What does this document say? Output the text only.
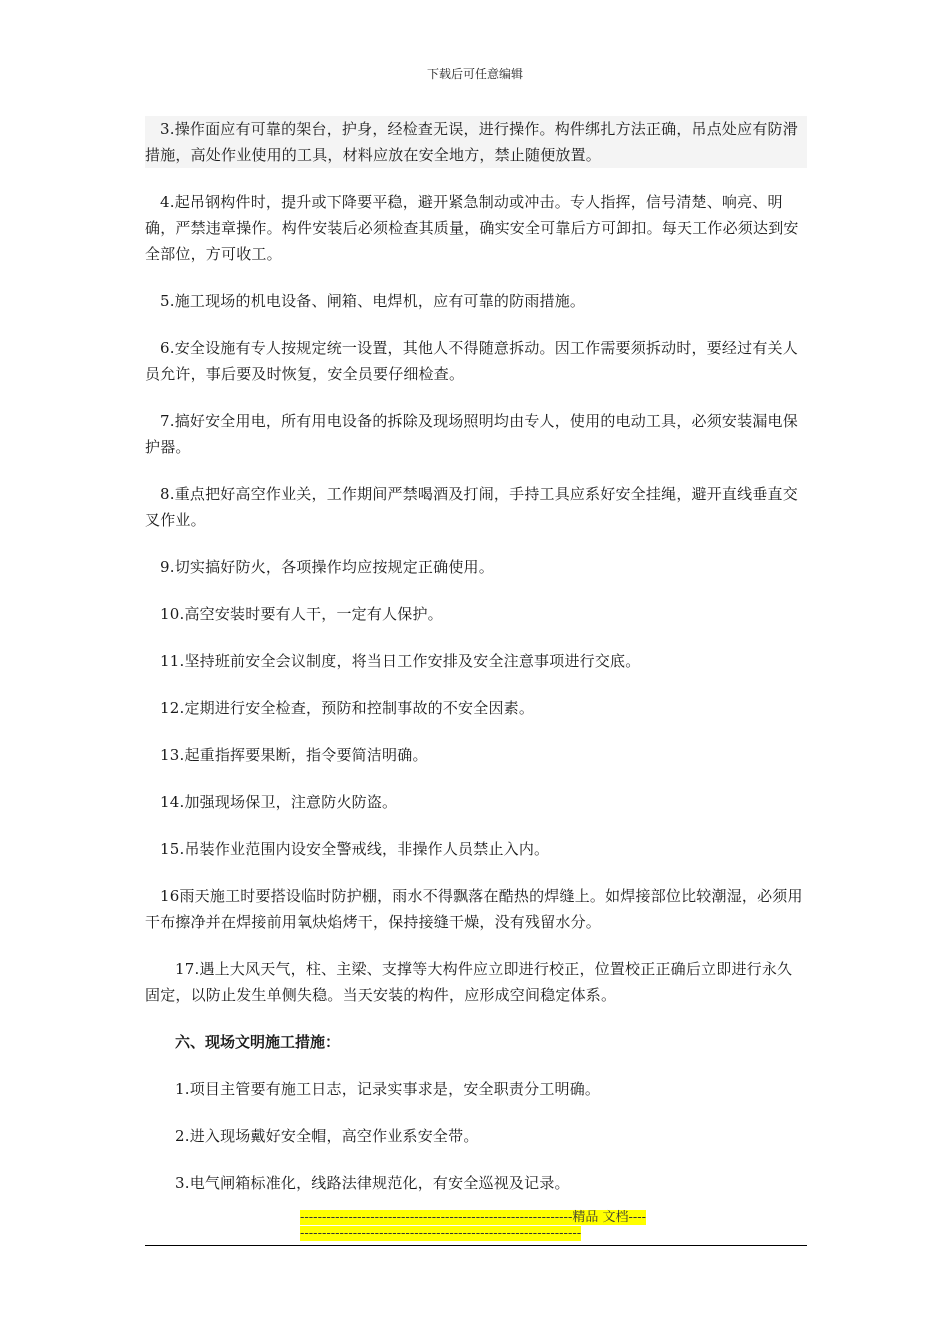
下载后可任意编辑

3.操作面应有可靠的架台，护身，经检查无误，进行操作。构件绑扎方法正确，吊点处应有防滑措施，高处作业使用的工具，材料应放在安全地方，禁止随便放置。

4.起吊钢构件时，提升或下降要平稳，避开紧急制动或冲击。专人指挥，信号清楚、响亮、明确，严禁违章操作。构件安装后必须检查其质量，确实安全可靠后方可卸扣。每天工作必须达到安全部位，方可收工。

5.施工现场的机电设备、闸箱、电焊机，应有可靠的防雨措施。

6.安全设施有专人按规定统一设置，其他人不得随意拆动。因工作需要须拆动时，要经过有关人员允许，事后要及时恢复，安全员要仔细检查。

7.搞好安全用电，所有用电设备的拆除及现场照明均由专人，使用的电动工具，必须安装漏电保护器。

8.重点把好高空作业关，工作期间严禁喝酒及打闹，手持工具应系好安全挂绳，避开直线垂直交叉作业。

9.切实搞好防火，各项操作均应按规定正确使用。

10.高空安装时要有人干，一定有人保护。

11.坚持班前安全会议制度，将当日工作安排及安全注意事项进行交底。

12.定期进行安全检查，预防和控制事故的不安全因素。

13.起重指挥要果断，指令要简洁明确。

14.加强现场保卫，注意防火防盗。

15.吊装作业范围内设安全警戒线，非操作人员禁止入内。

16雨天施工时要搭设临时防护棚，雨水不得飘落在酷热的焊缝上。如焊接部位比较潮湿，必须用干布擦净并在焊接前用氧炔焰烤干，保持接缝干燥，没有残留水分。

17.遇上大风天气，柱、主梁、支撑等大构件应立即进行校正，位置校正正确后立即进行永久固定，以防止发生单侧失稳。当天安装的构件，应形成空间稳定体系。

六、现场文明施工措施：

1.项目主管要有施工日志，记录实事求是，安全职责分工明确。

2.进入现场戴好安全帽，高空作业系安全带。

3.电气闸箱标准化，线路法律规范化，有安全巡视及记录。

--------------------------------------------------------------精品 文档--------------------------------------------------------------------
